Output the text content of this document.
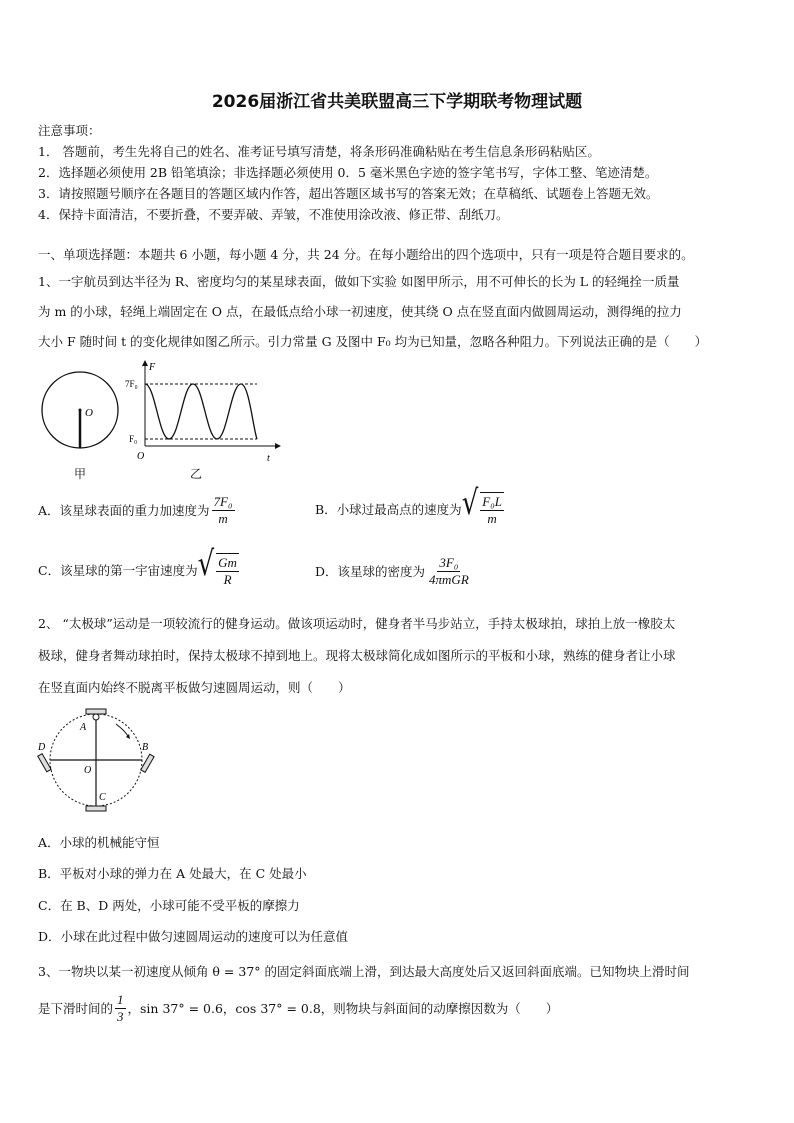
2026届浙江省共美联盟高三下学期联考物理试题
注意事项：
1． 答题前，考生先将自己的姓名、准考证号填写清楚，将条形码准确粘贴在考生信息条形码粘贴区。
2．选择题必须使用 2B 铅笔填涂；非选择题必须使用 0．5 毫米黑色字迹的签字笔书写，字体工整、笔迹清楚。
3．请按照题号顺序在各题目的答题区域内作答，超出答题区域书写的答案无效；在草稿纸、试题卷上答题无效。
4．保持卡面清洁，不要折叠，不要弄破、弄皱，不准使用涂改液、修正带、刮纸刀。
一、单项选择题：本题共 6 小题，每小题 4 分，共 24 分。在每小题给出的四个选项中，只有一项是符合题目要求的。
1、一宇航员到达半径为 R、密度均匀的某星球表面，做如下实验 如图甲所示，用不可伸长的长为 L 的轻绳拴一质量
为 m 的小球，轻绳上端固定在 O 点，在最低点给小球一初速度，使其绕 O 点在竖直面内做圆周运动，测得绳的拉力
大小 F 随时间 t 的变化规律如图乙所示。引力常量 G 及图中 F₀ 均为已知量，忽略各种阻力。下列说法正确的是（　　）
O
甲
7F₀
F₀
O
F
t
乙
A．该星球表面的重力加速度为 $\frac{\text{7F₀}}{m}$	B．小球过最高点的速度为 √ $\frac{\text{F₀L}}{m}$
C．该星球的第一宇宙速度为 √ $\frac{Gm}{R}$	D．该星球的密度为 $\frac{\text{3F₀}}{\text{4πmGR}}$
2、 “太极球”运动是一项较流行的健身运动。做该项运动时，健身者半马步站立，手持太极球拍，球拍上放一橡胶太
极球，健身者舞动球拍时，保持太极球不掉到地上。现将太极球简化成如图所示的平板和小球，熟练的健身者让小球
在竖直面内始终不脱离平板做匀速圆周运动，则（　　）
A
B
C
D
O
A．小球的机械能守恒
B．平板对小球的弹力在 A 处最大，在 C 处最小
C．在 B、D 两处，小球可能不受平板的摩擦力
D．小球在此过程中做匀速圆周运动的速度可以为任意值
3、一物块以某一初速度从倾角 θ = 37° 的固定斜面底端上滑，到达最大高度处后又返回斜面底端。已知物块上滑时间
是下滑时间的 $\frac{1}{3}$ ，sin 37° = 0.6，cos 37° = 0.8，则物块与斜面间的动摩擦因数为（　　）
